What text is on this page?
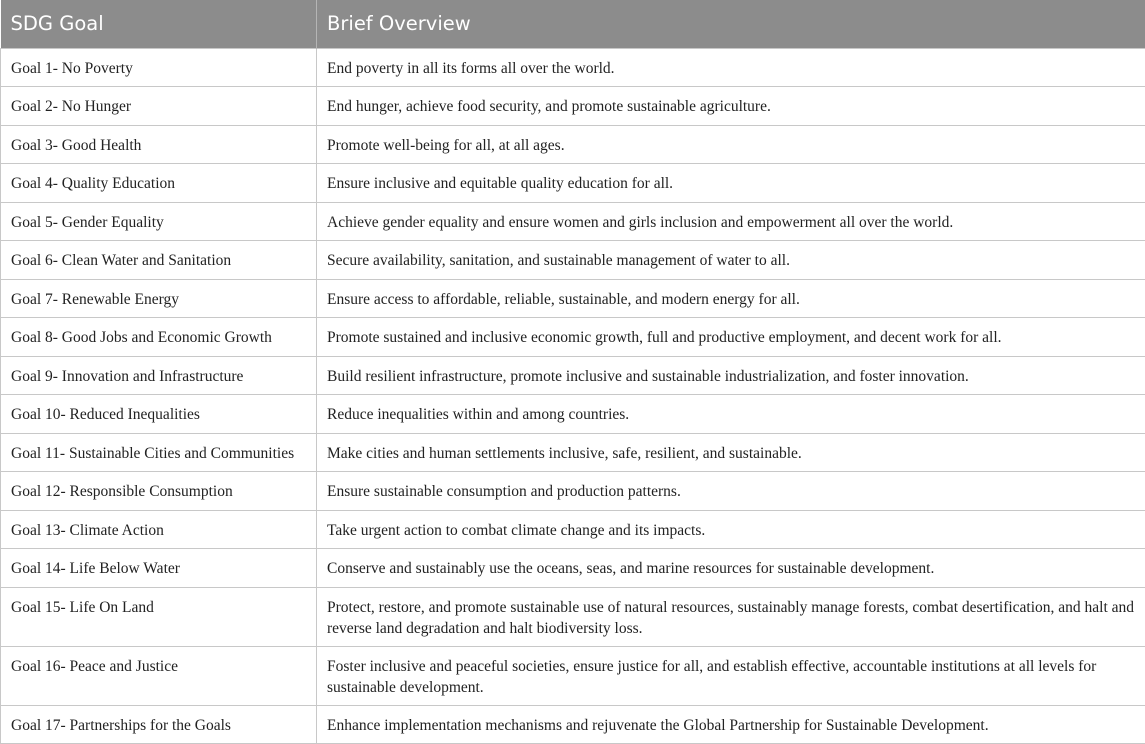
SDG Goal	Brief Overview
Goal 1- No Poverty	End poverty in all its forms all over the world.
Goal 2- No Hunger	End hunger, achieve food security, and promote sustainable agriculture.
Goal 3- Good Health	Promote well-being for all, at all ages.
Goal 4- Quality Education	Ensure inclusive and equitable quality education for all.
Goal 5- Gender Equality	Achieve gender equality and ensure women and girls inclusion and empowerment all over the world.
Goal 6- Clean Water and Sanitation	Secure availability, sanitation, and sustainable management of water to all.
Goal 7- Renewable Energy	Ensure access to affordable, reliable, sustainable, and modern energy for all.
Goal 8- Good Jobs and Economic Growth	Promote sustained and inclusive economic growth, full and productive employment, and decent work for all.
Goal 9- Innovation and Infrastructure	Build resilient infrastructure, promote inclusive and sustainable industrialization, and foster innovation.
Goal 10- Reduced Inequalities	Reduce inequalities within and among countries.
Goal 11- Sustainable Cities and Communities	Make cities and human settlements inclusive, safe, resilient, and sustainable.
Goal 12- Responsible Consumption	Ensure sustainable consumption and production patterns.
Goal 13- Climate Action	Take urgent action to combat climate change and its impacts.
Goal 14- Life Below Water	Conserve and sustainably use the oceans, seas, and marine resources for sustainable development.
Goal 15- Life On Land	Protect, restore, and promote sustainable use of natural resources, sustainably manage forests, combat desertification, and halt and reverse land degradation and halt biodiversity loss.
Goal 16- Peace and Justice	Foster inclusive and peaceful societies, ensure justice for all, and establish effective, accountable institutions at all levels for sustainable development.
Goal 17- Partnerships for the Goals	Enhance implementation mechanisms and rejuvenate the Global Partnership for Sustainable Development.
